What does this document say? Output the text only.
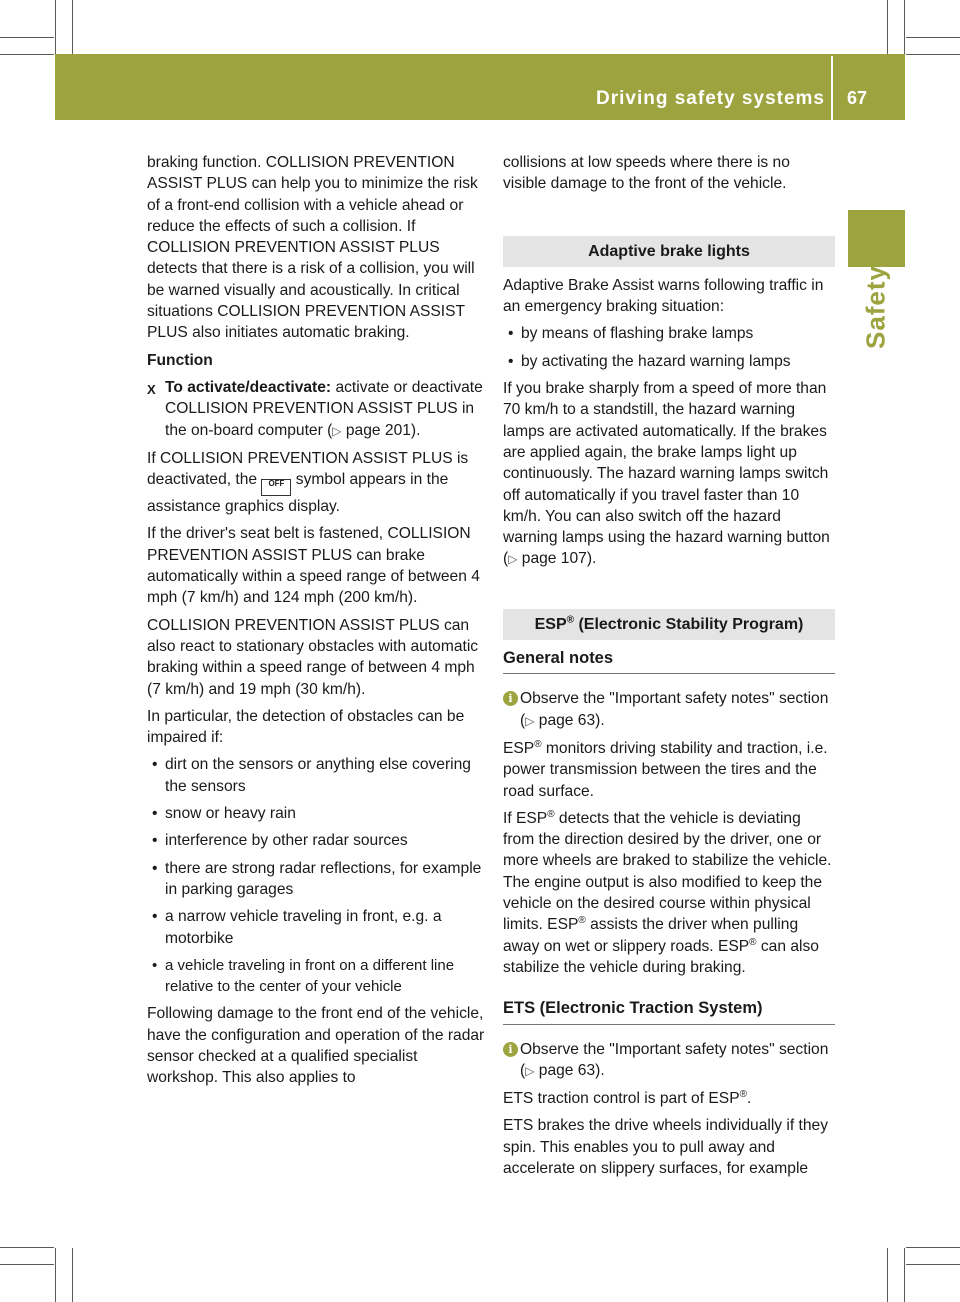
Driving safety systems 67
Safety

braking function. COLLISION PREVENTION ASSIST PLUS can help you to minimize the risk of a front-end collision with a vehicle ahead or reduce the effects of such a collision. If COLLISION PREVENTION ASSIST PLUS detects that there is a risk of a collision, you will be warned visually and acoustically. In critical situations COLLISION PREVENTION ASSIST PLUS also initiates automatic braking.

Function

X To activate/deactivate: activate or deactivate COLLISION PREVENTION ASSIST PLUS in the on-board computer (▷ page 201).

If COLLISION PREVENTION ASSIST PLUS is deactivated, the OFF symbol appears in the assistance graphics display.

If the driver's seat belt is fastened, COLLISION PREVENTION ASSIST PLUS can brake automatically within a speed range of between 4 mph (7 km/h) and 124 mph (200 km/h).

COLLISION PREVENTION ASSIST PLUS can also react to stationary obstacles with automatic braking within a speed range of between 4 mph (7 km/h) and 19 mph (30 km/h).

In particular, the detection of obstacles can be impaired if:

• dirt on the sensors or anything else covering the sensors
• snow or heavy rain
• interference by other radar sources
• there are strong radar reflections, for example in parking garages
• a narrow vehicle traveling in front, e.g. a motorbike
• a vehicle traveling in front on a different line relative to the center of your vehicle

Following damage to the front end of the vehicle, have the configuration and operation of the radar sensor checked at a qualified specialist workshop. This also applies to

collisions at low speeds where there is no visible damage to the front of the vehicle.

Adaptive brake lights

Adaptive Brake Assist warns following traffic in an emergency braking situation:

• by means of flashing brake lamps
• by activating the hazard warning lamps

If you brake sharply from a speed of more than 70 km/h to a standstill, the hazard warning lamps are activated automatically. If the brakes are applied again, the brake lamps light up continuously. The hazard warning lamps switch off automatically if you travel faster than 10 km/h. You can also switch off the hazard warning lamps using the hazard warning button (▷ page 107).

ESP® (Electronic Stability Program)

General notes

i Observe the "Important safety notes" section (▷ page 63).

ESP® monitors driving stability and traction, i.e. power transmission between the tires and the road surface.

If ESP® detects that the vehicle is deviating from the direction desired by the driver, one or more wheels are braked to stabilize the vehicle. The engine output is also modified to keep the vehicle on the desired course within physical limits. ESP® assists the driver when pulling away on wet or slippery roads. ESP® can also stabilize the vehicle during braking.

ETS (Electronic Traction System)

i Observe the "Important safety notes" section (▷ page 63).

ETS traction control is part of ESP®.

ETS brakes the drive wheels individually if they spin. This enables you to pull away and accelerate on slippery surfaces, for example
